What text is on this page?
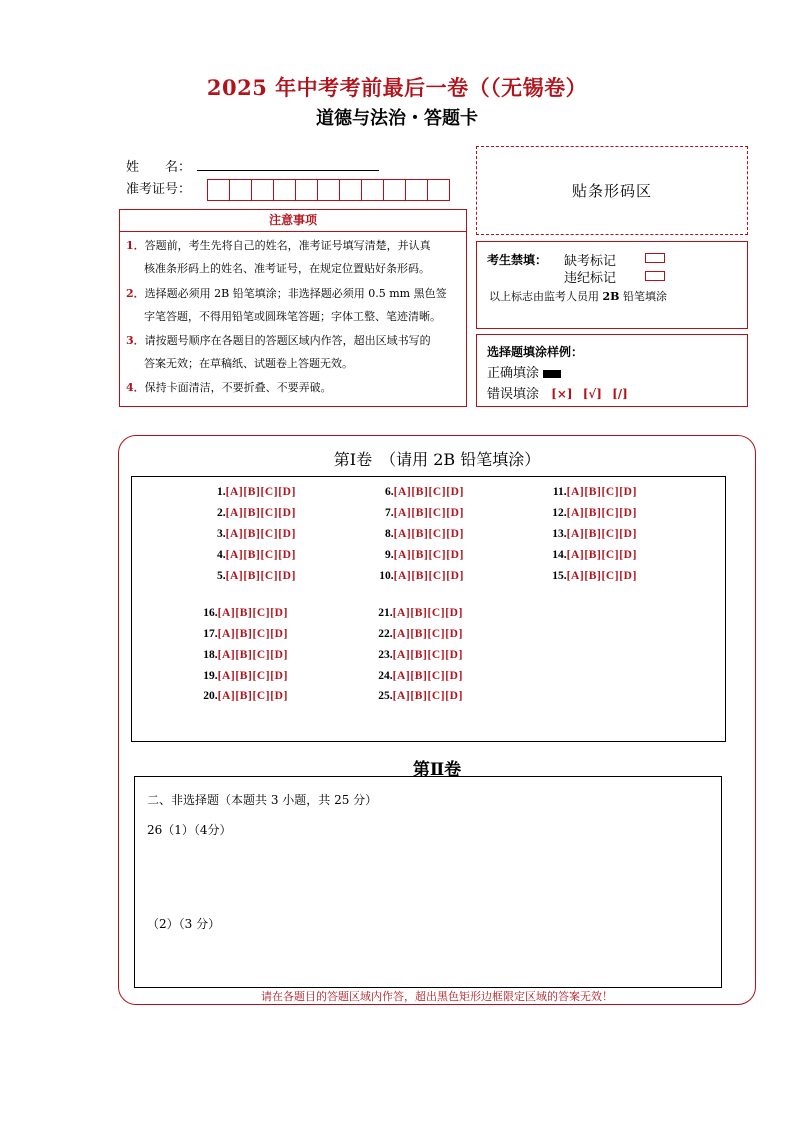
2025 年中考考前最后一卷（（无锡卷）
道德与法治・答题卡
姓　　名：
准考证号：	贴条形码区
注意事项
1．答题前，考生先将自己的姓名，准考证号填写清楚，并认真
核准条形码上的姓名、准考证号，在规定位置贴好条形码。
2．选择题必须用 2B 铅笔填涂；非选择题必须用 0.5 mm 黑色签
字笔答题，不得用铅笔或圆珠笔答题；字体工整、笔迹清晰。
3．请按题号顺序在各题目的答题区域内作答，超出区域书写的
答案无效；在草稿纸、试题卷上答题无效。
4．保持卡面清洁，不要折叠、不要弄破。
考生禁填： 缺考标记
违纪标记
以上标志由监考人员用 2B 铅笔填涂
选择题填涂样例：
正确填涂
错误填涂 [×] [√] [/]
第Ⅰ卷　（请用 2B 铅笔填涂）
1.[A][B][C][D]
2.[A][B][C][D]
3.[A][B][C][D]
4.[A][B][C][D]
5.[A][B][C][D]
6.[A][B][C][D]
7.[A][B][C][D]
8.[A][B][C][D]
9.[A][B][C][D]
10.[A][B][C][D]
11.[A][B][C][D]
12.[A][B][C][D]
13.[A][B][C][D]
14.[A][B][C][D]
15.[A][B][C][D]
16.[A][B][C][D]
17.[A][B][C][D]
18.[A][B][C][D]
19.[A][B][C][D]
20.[A][B][C][D]
21.[A][B][C][D]
22.[A][B][C][D]
23.[A][B][C][D]
24.[A][B][C][D]
25.[A][B][C][D]
第Ⅱ卷
二、非选择题（本题共 3 小题，共 25 分）
26（1）（4分）
（2）（3 分）
请在各题目的答题区域内作答，超出黑色矩形边框限定区域的答案无效！
